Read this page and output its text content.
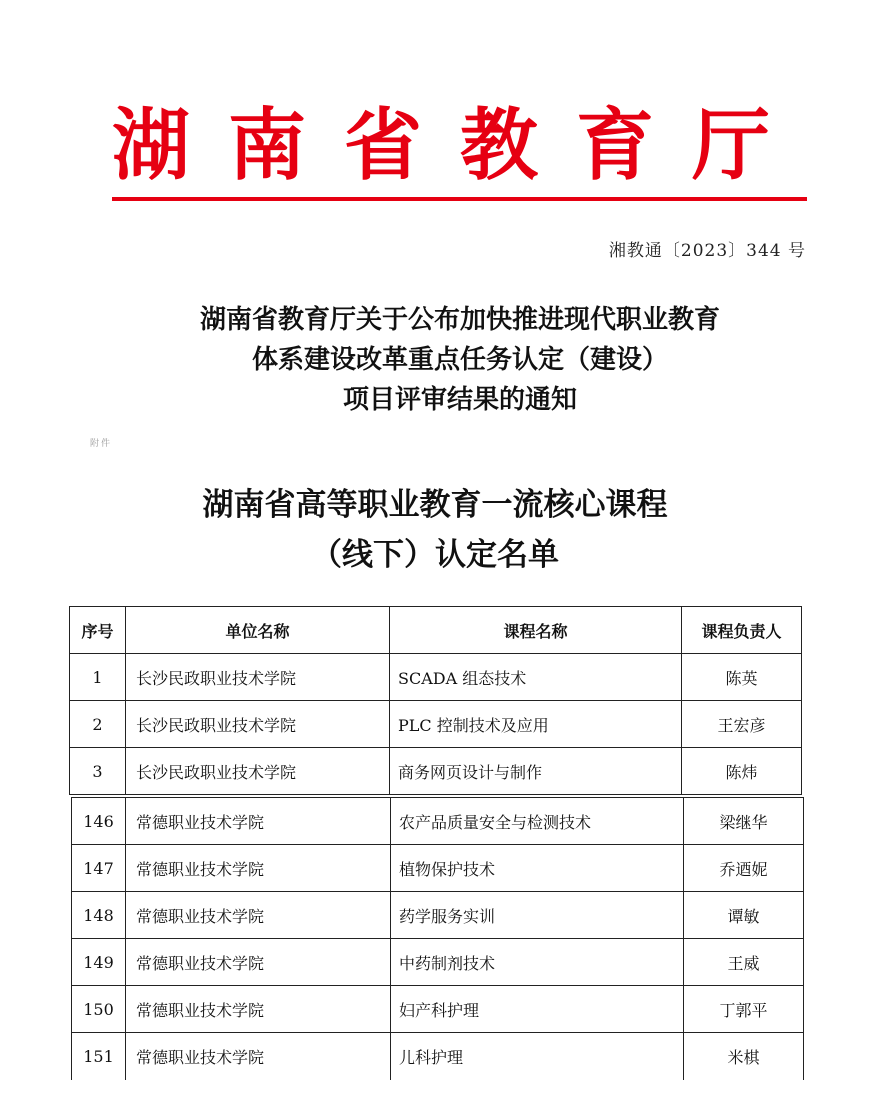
湖南省教育厅
湘教通〔2023〕344 号
湖南省教育厅关于公布加快推进现代职业教育
体系建设改革重点任务认定（建设）
项目评审结果的通知
附件
湖南省高等职业教育一流核心课程
（线下）认定名单
序号	单位名称	课程名称	课程负责人
1	长沙民政职业技术学院	SCADA 组态技术	陈英
2	长沙民政职业技术学院	PLC 控制技术及应用	王宏彦
3	长沙民政职业技术学院	商务网页设计与制作	陈炜
146	常德职业技术学院	农产品质量安全与检测技术	梁继华
147	常德职业技术学院	植物保护技术	乔迺妮
148	常德职业技术学院	药学服务实训	谭敏
149	常德职业技术学院	中药制剂技术	王威
150	常德职业技术学院	妇产科护理	丁郭平
151	常德职业技术学院	儿科护理	米棋
